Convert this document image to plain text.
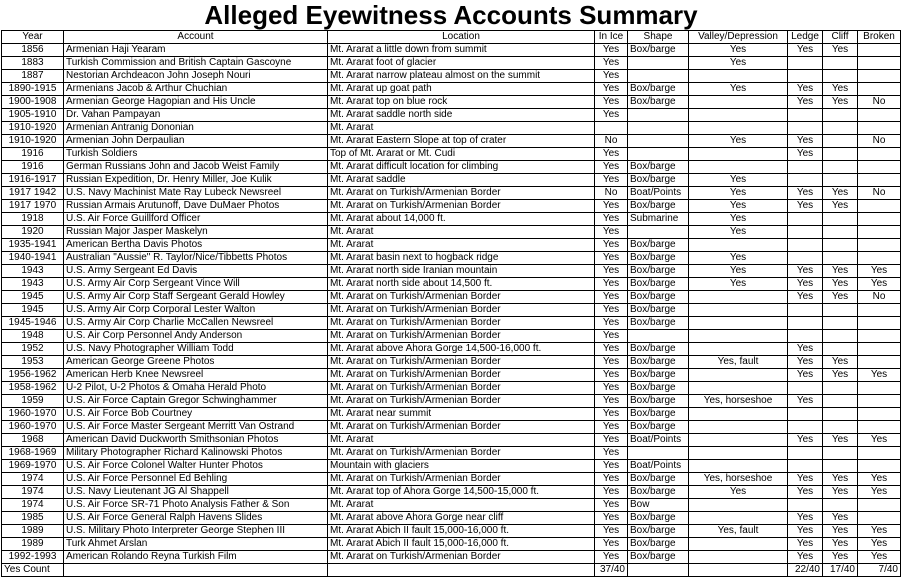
Alleged Eyewitness Accounts Summary
Year	Account	Location	In Ice	Shape	Valley/Depression	Ledge	Cliff	Broken
1856	Armenian Haji Yearam	Mt. Ararat a little down from summit	Yes	Box/barge	Yes	Yes	Yes	
1883	Turkish Commission and British Captain Gascoyne	Mt. Ararat foot of glacier	Yes		Yes			
1887	Nestorian Archdeacon John Joseph Nouri	Mt. Ararat narrow plateau almost on the summit	Yes					
1890-1915	Armenians Jacob & Arthur Chuchian	Mt. Ararat up goat path	Yes	Box/barge	Yes	Yes	Yes	
1900-1908	Armenian George Hagopian and His Uncle	Mt. Ararat top on blue rock	Yes	Box/barge		Yes	Yes	No
1905-1910	Dr. Vahan Pampayan	Mt. Ararat saddle north side	Yes					
1910-1920	Armenian Antranig Dononian	Mt. Ararat						
1910-1920	Armenian John Derpaulian	Mt. Ararat Eastern Slope at top of crater	No		Yes	Yes		No
1916	Turkish Soldiers	Top of Mt. Ararat or Mt. Cudi	Yes			Yes		
1916	German Russians John and Jacob Weist Family	Mt. Ararat difficult location for climbing	Yes	Box/barge				
1916-1917	Russian Expedition, Dr. Henry Miller, Joe Kulik	Mt. Ararat saddle	Yes	Box/barge	Yes			
1917 1942	U.S. Navy Machinist Mate Ray Lubeck Newsreel	Mt. Ararat on Turkish/Armenian Border	No	Boat/Points	Yes	Yes	Yes	No
1917 1970	Russian Armais Arutunoff, Dave DuMaer Photos	Mt. Ararat on Turkish/Armenian Border	Yes	Box/barge	Yes	Yes	Yes	
1918	U.S. Air Force Guillford Officer	Mt. Ararat about 14,000 ft.	Yes	Submarine	Yes			
1920	Russian Major Jasper Maskelyn	Mt. Ararat	Yes		Yes			
1935-1941	American Bertha Davis Photos	Mt. Ararat	Yes	Box/barge				
1940-1941	Australian "Aussie" R. Taylor/Nice/Tibbetts Photos	Mt. Ararat basin next to hogback ridge	Yes	Box/barge	Yes			
1943	U.S. Army Sergeant Ed Davis	Mt. Ararat north side Iranian mountain	Yes	Box/barge	Yes	Yes	Yes	Yes
1943	U.S. Army Air Corp Sergeant Vince Will	Mt. Ararat north side about 14,500 ft.	Yes	Box/barge	Yes	Yes	Yes	Yes
1945	U.S. Army Air Corp Staff Sergeant Gerald Howley	Mt. Ararat on Turkish/Armenian Border	Yes	Box/barge		Yes	Yes	No
1945	U.S. Army Air Corp Corporal Lester Walton	Mt. Ararat on Turkish/Armenian Border	Yes	Box/barge				
1945-1946	U.S. Army Air Corp Charlie McCallen Newsreel	Mt. Ararat on Turkish/Armenian Border	Yes	Box/barge				
1948	U.S. Air Corp Personnel Andy Anderson	Mt. Ararat on Turkish/Armenian Border	Yes					
1952	U.S. Navy Photographer William Todd	Mt. Ararat above Ahora Gorge 14,500-16,000 ft.	Yes	Box/barge		Yes		
1953	American George Greene Photos	Mt. Ararat on Turkish/Armenian Border	Yes	Box/barge	Yes, fault	Yes	Yes	
1956-1962	American Herb Knee Newsreel	Mt. Ararat on Turkish/Armenian Border	Yes	Box/barge		Yes	Yes	Yes
1958-1962	U-2 Pilot, U-2 Photos & Omaha Herald Photo	Mt. Ararat on Turkish/Armenian Border	Yes	Box/barge				
1959	U.S. Air Force Captain Gregor Schwinghammer	Mt. Ararat on Turkish/Armenian Border	Yes	Box/barge	Yes, horseshoe	Yes		
1960-1970	U.S. Air Force Bob Courtney	Mt. Ararat near summit	Yes	Box/barge				
1960-1970	U.S. Air Force Master Sergeant Merritt Van Ostrand	Mt. Ararat on Turkish/Armenian Border	Yes	Box/barge				
1968	American David Duckworth Smithsonian Photos	Mt. Ararat	Yes	Boat/Points		Yes	Yes	Yes
1968-1969	Military Photographer Richard Kalinowski Photos	Mt. Ararat on Turkish/Armenian Border	Yes					
1969-1970	U.S. Air Force Colonel Walter Hunter Photos	Mountain with glaciers	Yes	Boat/Points				
1974	U.S. Air Force Personnel Ed Behling	Mt. Ararat on Turkish/Armenian Border	Yes	Box/barge	Yes, horseshoe	Yes	Yes	Yes
1974	U.S. Navy Lieutenant JG Al Shappell	Mt. Ararat top of Ahora Gorge 14,500-15,000 ft.	Yes	Box/barge	Yes	Yes	Yes	Yes
1974	U.S. Air Force SR-71 Photo Analysis Father & Son	Mt. Ararat	Yes	Bow				
1985	U.S. Air Force General Ralph Havens Slides	Mt. Ararat above Ahora Gorge near cliff	Yes	Box/barge		Yes	Yes	
1989	U.S. Military Photo Interpreter George Stephen III	Mt. Ararat Abich II fault 15,000-16,000 ft.	Yes	Box/barge	Yes, fault	Yes	Yes	Yes
1989	Turk Ahmet Arslan	Mt. Ararat Abich II fault 15,000-16,000 ft.	Yes	Box/barge		Yes	Yes	Yes
1992-1993	American Rolando Reyna Turkish Film	Mt. Ararat on Turkish/Armenian Border	Yes	Box/barge		Yes	Yes	Yes
Yes Count			37/40			22/40	17/40	7/40
